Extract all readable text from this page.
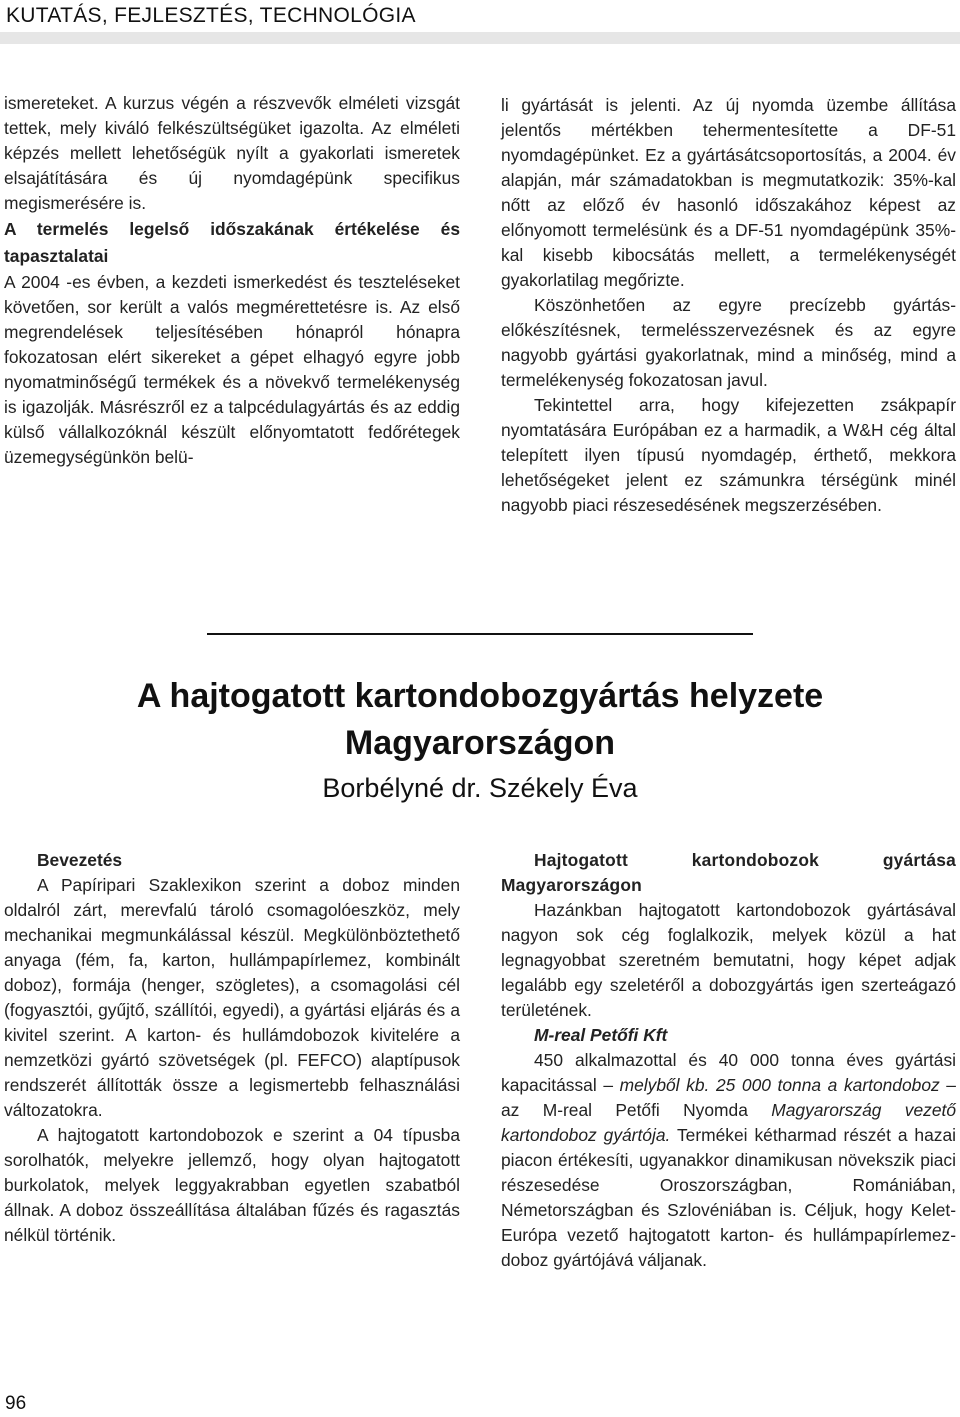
KUTATÁS, FEJLESZTÉS, TECHNOLÓGIA

ismereteket. A kurzus végén a részvevők elméleti vizsgát tettek, mely kiváló felkészültségüket igazolta. Az elméleti képzés mellett lehetőségük nyílt a gyakorlati ismeretek elsajátítására és új nyomdagépünk specifikus megismerésére is.

A termelés legelső időszakának értékelése és tapasztalatai

A 2004 -es évben, a kezdeti ismerkedést és teszteléseket követően, sor került a valós megmérettetésre is. Az első megrendelések teljesítésében hónapról hónapra fokozatosan elért sikereket a gépet elhagyó egyre jobb nyomatminőségű termékek és a növekvő termelékenység is igazolják. Másrészről ez a talpcédulagyártás és az eddig külső vállalkozóknál készült előnyomtatott fedőrétegek üzemegységünkön belü-

li gyártását is jelenti. Az új nyomda üzembe állítása jelentős mértékben tehermentesítette a DF-51 nyomdagépünket. Ez a gyártásátcsoportosítás, a 2004. év alapján, már számadatokban is megmutatkozik: 35%-kal nőtt az előző év hasonló időszakához képest az előnyomott termelésünk és a DF-51 nyomdagépünk 35%-kal kisebb kibocsátás mellett, a termelékenységét gyakorlatilag megőrizte.

Köszönhetően az egyre precízebb gyártás-előkészítésnek, termelésszervezésnek és az egyre nagyobb gyártási gyakorlatnak, mind a minőség, mind a termelékenység fokozatosan javul.

Tekintettel arra, hogy kifejezetten zsákpapír nyomtatására Európában ez a harmadik, a W&H cég által telepített ilyen típusú nyomdagép, érthető, mekkora lehetőségeket jelent ez számunkra térségünk minél nagyobb piaci részesedésének megszerzésében.

A hajtogatott kartondobozgyártás helyzete
Magyarországon
Borbélyné dr. Székely Éva

Bevezetés

A Papíripari Szaklexikon szerint a doboz minden oldalról zárt, merevfalú tároló csomagolóeszköz, mely mechanikai megmunkálással készül. Megkülönböztethető anyaga (fém, fa, karton, hullámpapírlemez, kombinált doboz), formája (henger, szögletes), a csomagolási cél (fogyasztói, gyűjtő, szállítói, egyedi), a gyártási eljárás és a kivitel szerint. A karton- és hullámdobozok kivitelére a nemzetközi gyártó szövetségek (pl. FEFCO) alaptípusok rendszerét állították össze a legismertebb felhasználási változatokra.

A hajtogatott kartondobozok e szerint a 04 típusba sorolhatók, melyekre jellemző, hogy olyan hajtogatott burkolatok, melyek leggyakrabban egyetlen szabatból állnak. A doboz összeállítása általában fűzés és ragasztás nélkül történik.

Hajtogatott kartondobozok gyártása Magyarországon

Hazánkban hajtogatott kartondobozok gyártásával nagyon sok cég foglalkozik, melyek közül a hat legnagyobbat szeretném bemutatni, hogy képet adjak legalább egy szeletéről a dobozgyártás igen szerteágazó területének.

M-real Petőfi Kft

450 alkalmazottal és 40 000 tonna éves gyártási kapacitással – melyből kb. 25 000 tonna a kartondoboz – az M-real Petőfi Nyomda Magyarország vezető kartondoboz gyártója. Termékei kétharmad részét a hazai piacon értékesíti, ugyanakkor dinamikusan növekszik piaci részesedése Oroszországban, Romániában, Németországban és Szlovéniában is. Céljuk, hogy Kelet-Európa vezető hajtogatott karton- és hullámpapírlemez-doboz gyártójává váljanak.

96
